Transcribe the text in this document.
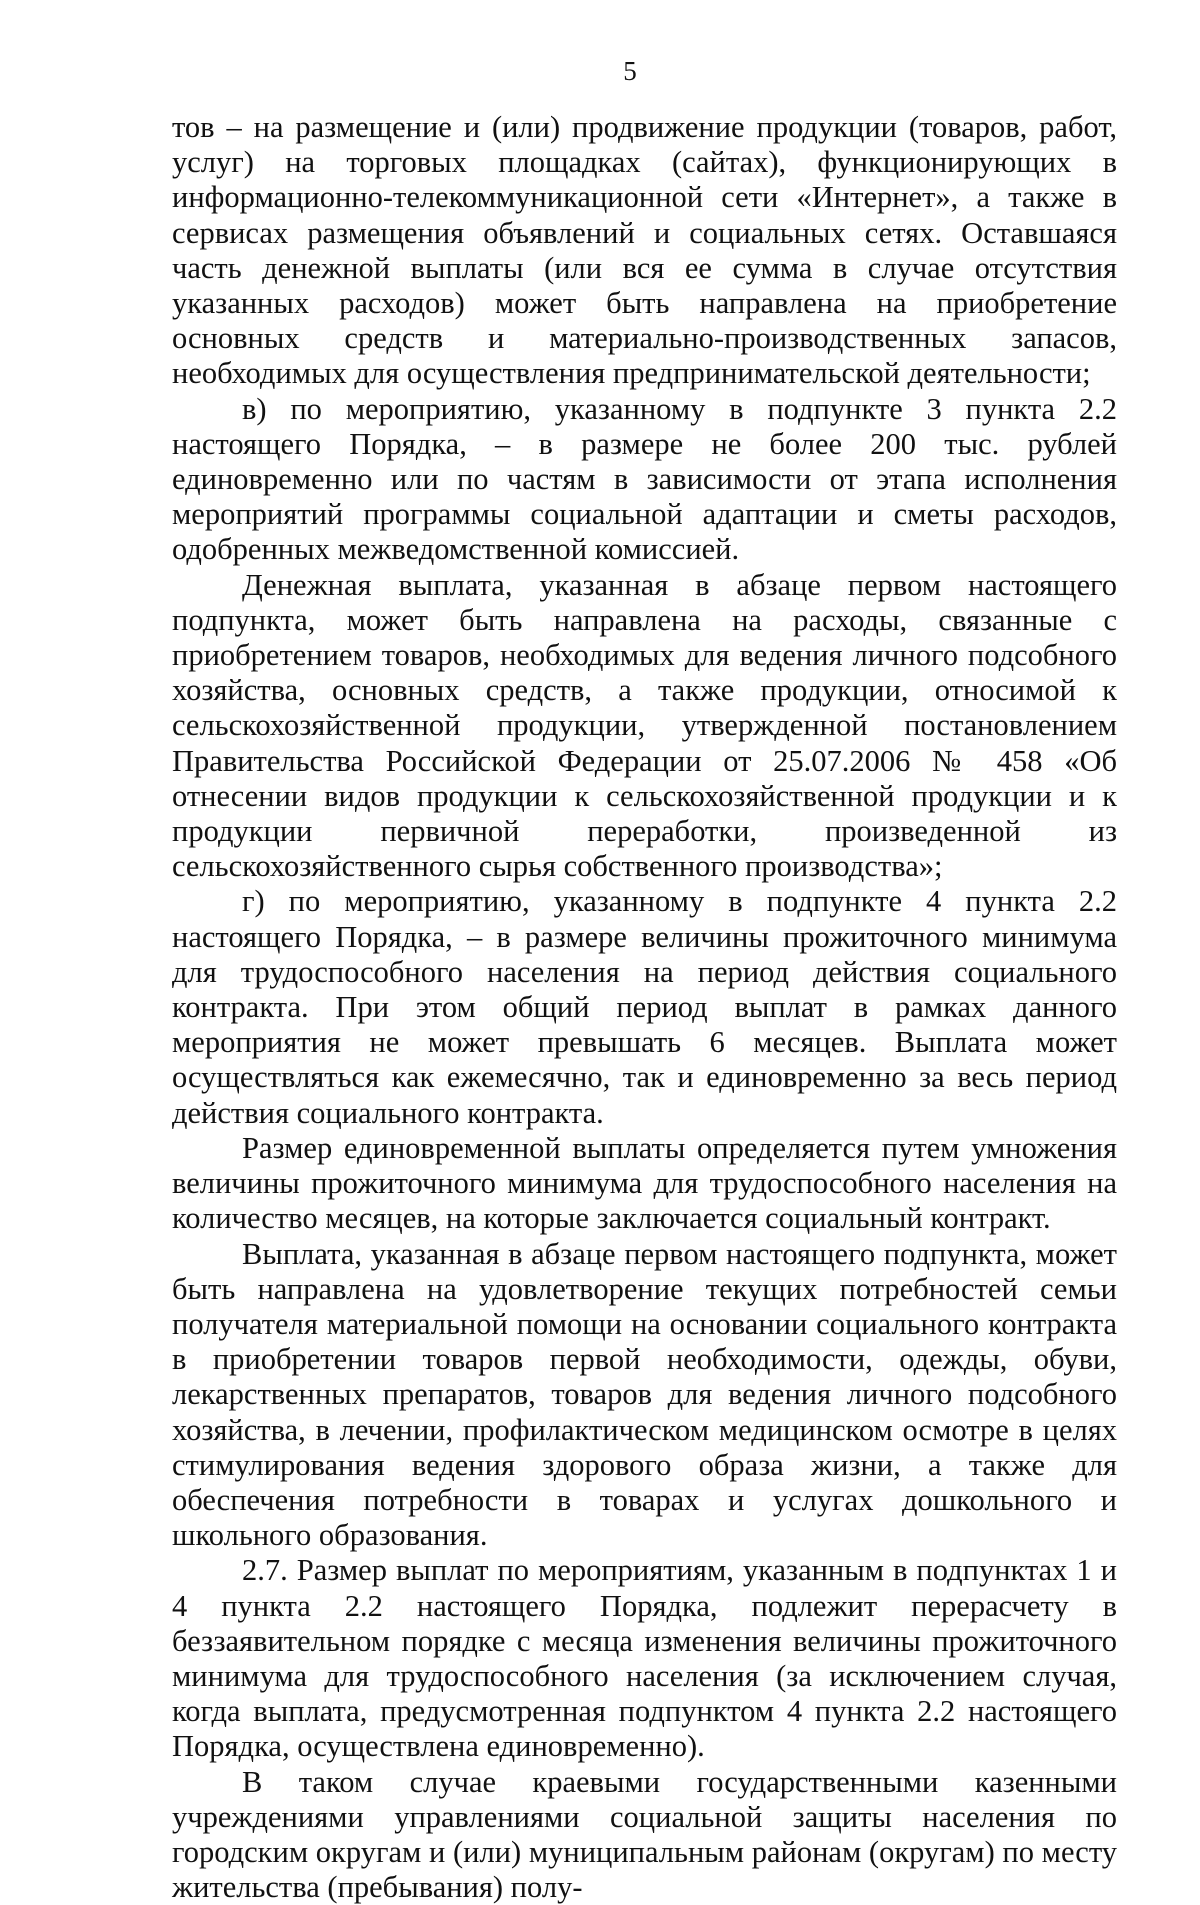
5

тов – на размещение и (или) продвижение продукции (товаров, работ, услуг) на торговых площадках (сайтах), функционирующих в информационно-телекоммуникационной сети «Интернет», а также в сервисах размещения объявлений и социальных сетях. Оставшаяся часть денежной выплаты (или вся ее сумма в случае отсутствия указанных расходов) может быть направлена на приобретение основных средств и материально-производственных запасов, необходимых для осуществления предпринимательской деятельности;

в) по мероприятию, указанному в подпункте 3 пункта 2.2 настоящего Порядка, – в размере не более 200 тыс. рублей единовременно или по частям в зависимости от этапа исполнения мероприятий программы социальной адаптации и сметы расходов, одобренных межведомственной комиссией.

Денежная выплата, указанная в абзаце первом настоящего подпункта, может быть направлена на расходы, связанные с приобретением товаров, необходимых для ведения личного подсобного хозяйства, основных средств, а также продукции, относимой к сельскохозяйственной продукции, утвержденной постановлением Правительства Российской Федерации от 25.07.2006 № 458 «Об отнесении видов продукции к сельскохозяйственной продукции и к продукции первичной переработки, произведенной из сельскохозяйственного сырья собственного производства»;

г) по мероприятию, указанному в подпункте 4 пункта 2.2 настоящего Порядка, – в размере величины прожиточного минимума для трудоспособного населения на период действия социального контракта. При этом общий период выплат в рамках данного мероприятия не может превышать 6 месяцев. Выплата может осуществляться как ежемесячно, так и единовременно за весь период действия социального контракта.

Размер единовременной выплаты определяется путем умножения величины прожиточного минимума для трудоспособного населения на количество месяцев, на которые заключается социальный контракт.

Выплата, указанная в абзаце первом настоящего подпункта, может быть направлена на удовлетворение текущих потребностей семьи получателя материальной помощи на основании социального контракта в приобретении товаров первой необходимости, одежды, обуви, лекарственных препаратов, товаров для ведения личного подсобного хозяйства, в лечении, профилактическом медицинском осмотре в целях стимулирования ведения здорового образа жизни, а также для обеспечения потребности в товарах и услугах дошкольного и школьного образования.

2.7. Размер выплат по мероприятиям, указанным в подпунктах 1 и 4 пункта 2.2 настоящего Порядка, подлежит перерасчету в беззаявительном порядке с месяца изменения величины прожиточного минимума для трудоспособного населения (за исключением случая, когда выплата, предусмотренная подпунктом 4 пункта 2.2 настоящего Порядка, осуществлена единовременно).

В таком случае краевыми государственными казенными учреждениями управлениями социальной защиты населения по городским округам и (или) муниципальным районам (округам) по месту жительства (пребывания) полу-
